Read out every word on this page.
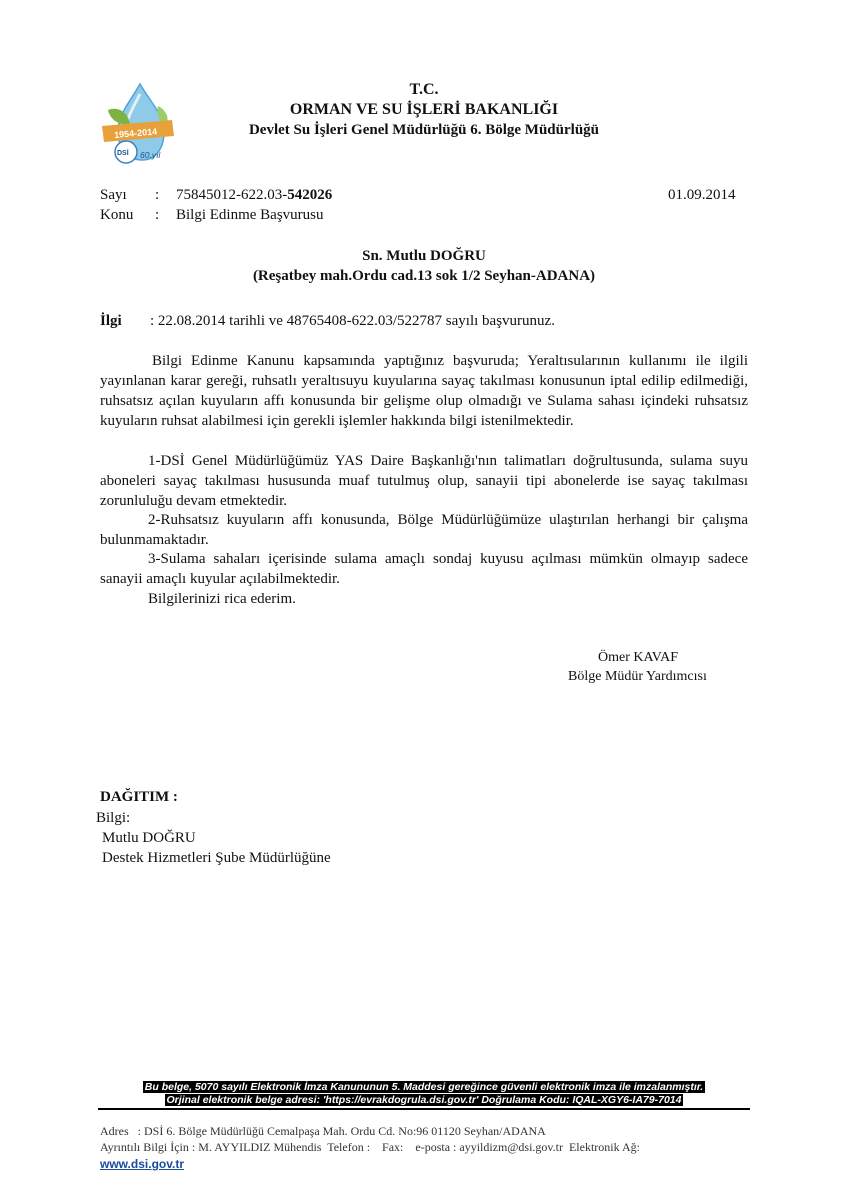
1954-2014
DSİ 60.yıl
T.C.
ORMAN VE SU İŞLERİ BAKANLIĞI
Devlet Su İşleri Genel Müdürlüğü 6. Bölge Müdürlüğü
Sayı : 75845012-622.03-542026	01.09.2014
Konu : Bilgi Edinme Başvurusu
Sn. Mutlu DOĞRU
(Reşatbey mah.Ordu cad.13 sok 1/2 Seyhan-ADANA)
İlgi : 22.08.2014 tarihli ve 48765408-622.03/522787 sayılı başvurunuz.
Bilgi Edinme Kanunu kapsamında yaptığınız başvuruda; Yeraltısularının kullanımı ile ilgili yayınlanan karar gereği, ruhsatlı yeraltısuyu kuyularına sayaç takılması konusunun iptal edilip edilmediği, ruhsatsız açılan kuyuların affı konusunda bir gelişme olup olmadığı ve Sulama sahası içindeki ruhsatsız kuyuların ruhsat alabilmesi için gerekli işlemler hakkında bilgi istenilmektedir.
1-DSİ Genel Müdürlüğümüz YAS Daire Başkanlığı'nın talimatları doğrultusunda, sulama suyu aboneleri sayaç takılması hususunda muaf tutulmuş olup, sanayii tipi abonelerde ise sayaç takılması zorunluluğu devam etmektedir.
2-Ruhsatsız kuyuların affı konusunda, Bölge Müdürlüğümüze ulaştırılan herhangi bir çalışma bulunmamaktadır.
3-Sulama sahaları içerisinde sulama amaçlı sondaj kuyusu açılması mümkün olmayıp sadece sanayii amaçlı kuyular açılabilmektedir.
Bilgilerinizi rica ederim.
Ömer KAVAF
Bölge Müdür Yardımcısı
DAĞITIM :
Bilgi:
Mutlu DOĞRU
Destek Hizmetleri Şube Müdürlüğüne
Bu belge, 5070 sayılı Elektronik İmza Kanununun 5. Maddesi gereğince güvenli elektronik imza ile imzalanmıştır.
Orjinal elektronik belge adresi: 'https://evrakdogrula.dsi.gov.tr' Doğrulama Kodu: IQAL-XGY6-IA79-7014
Adres   : DSİ 6. Bölge Müdürlüğü Cemalpaşa Mah. Ordu Cd. No:96 01120 Seyhan/ADANA
Ayrıntılı Bilgi İçin : M. AYYILDIZ Mühendis  Telefon :    Fax:    e-posta : ayyildizm@dsi.gov.tr  Elektronik Ağ:
www.dsi.gov.tr
